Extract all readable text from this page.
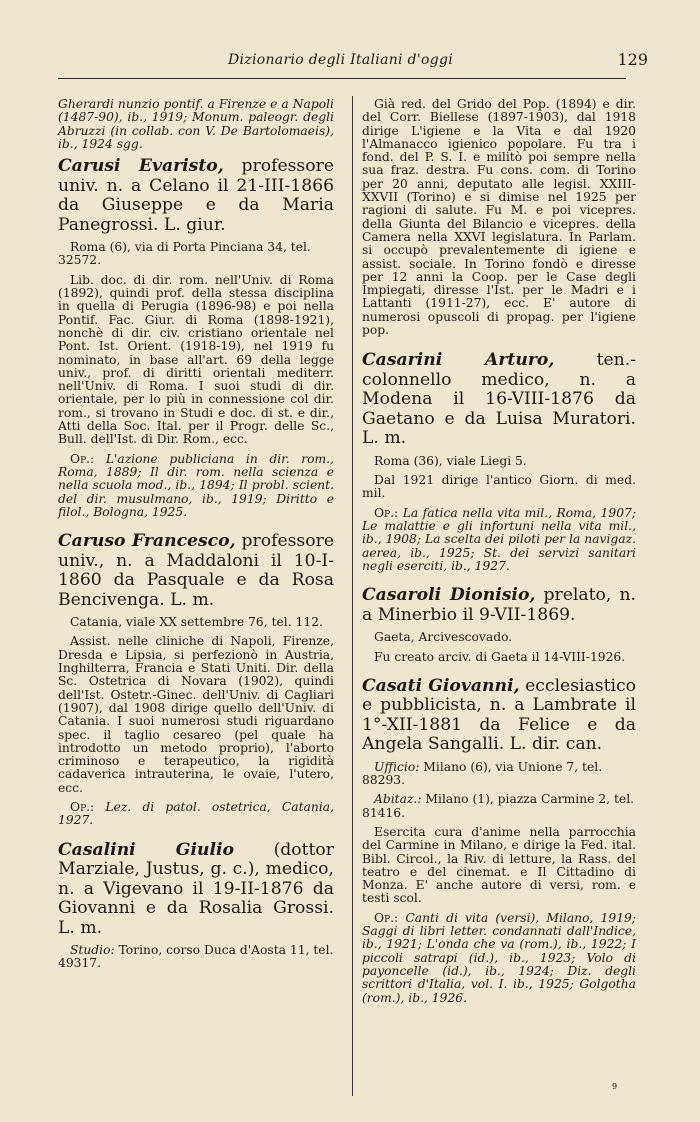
Dizionario degli Italiani d'oggi	129

Gherardi nunzio pontif. a Firenze e a Napoli (1487-90), ib., 1919; Monum. paleogr. degli Abruzzi (in collab. con V. De Bartolomaeis), ib., 1924 sgg.

Carusi Evaristo, professore univ. n. a Celano il 21-III-1866 da Giuseppe e da Maria Panegrossi. L. giur.

Roma (6), via di Porta Pinciana 34, tel. 32572.

Lib. doc. di dir. rom. nell'Univ. di Roma (1892), quindi prof. della stessa disciplina in quella di Perugia (1896-98) e poi nella Pontif. Fac. Giur. di Roma (1898-1921), nonchè di dir. civ. cristiano orientale nel Pont. Ist. Orient. (1918-19), nel 1919 fu nominato, in base all'art. 69 della legge univ., prof. di diritti orientali mediterr. nell'Univ. di Roma. I suoi studi di dir. orientale, per lo più in connessione col dir. rom., si trovano in Studi e doc. di st. e dir., Atti della Soc. Ital. per il Progr. delle Sc., Bull. dell'Ist. di Dir. Rom., ecc.

Op.: L'azione publiciana in dir. rom., Roma, 1889; Il dir. rom. nella scienza e nella scuola mod., ib., 1894; Il probl. scient. del dir. musulmano, ib., 1919; Diritto e filol., Bologna, 1925.

Caruso Francesco, professore univ., n. a Maddaloni il 10-I-1860 da Pasquale e da Rosa Bencivenga. L. m.

Catania, viale XX settembre 76, tel. 112.

Assist. nelle cliniche di Napoli, Firenze, Dresda e Lipsia, si perfezionò in Austria, Inghilterra, Francia e Stati Uniti. Dir. della Sc. Ostetrica di Novara (1902), quindi dell'Ist. Ostetr.-Ginec. dell'Univ. di Cagliari (1907), dal 1908 dirige quello dell'Univ. di Catania. I suoi numerosi studi riguardano spec. il taglio cesareo (pel quale ha introdotto un metodo proprio), l'aborto criminoso e terapeutico, la rigidità cadaverica intrauterina, le ovaie, l'utero, ecc.

Op.: Lez. di patol. ostetrica, Catania, 1927.

Casalini Giulio (dottor Marziale, Justus, g. c.), medico, n. a Vigevano il 19-II-1876 da Giovanni e da Rosalia Grossi. L. m.

Studio: Torino, corso Duca d'Aosta 11, tel. 49317.

Già red. del Grido del Pop. (1894) e dir. del Corr. Biellese (1897-1903), dal 1918 dirige L'igiene e la Vita e dal 1920 l'Almanacco igienico popolare. Fu tra i fond. del P. S. I. e militò poi sempre nella sua fraz. destra. Fu cons. com. di Torino per 20 anni, deputato alle legisl. XXIII-XXVII (Torino) e si dimise nel 1925 per ragioni di salute. Fu M. e poi vicepres. della Giunta del Bilancio e vicepres. della Camera nella XXVI legislatura. In Parlam. si occupò prevalentemente di igiene e assist. sociale. In Torino fondò e diresse per 12 anni la Coop. per le Case degli Impiegati, diresse l'Ist. per le Madri e i Lattanti (1911-27), ecc. E' autore di numerosi opuscoli di propag. per l'igiene pop.

Casarini Arturo, ten.-colonnello medico, n. a Modena il 16-VIII-1876 da Gaetano e da Luisa Muratori. L. m.

Roma (36), viale Liegi 5.

Dal 1921 dirige l'antico Giorn. di med. mil.

Op.: La fatica nella vita mil., Roma, 1907; Le malattie e gli infortuni nella vita mil., ib., 1908; La scelta dei piloti per la navigaz. aerea, ib., 1925; St. dei servizi sanitari negli eserciti, ib., 1927.

Casaroli Dionisio, prelato, n. a Minerbio il 9-VII-1869.

Gaeta, Arcivescovado.

Fu creato arciv. di Gaeta il 14-VIII-1926.

Casati Giovanni, ecclesiastico e pubblicista, n. a Lambrate il 1°-XII-1881 da Felice e da Angela Sangalli. L. dir. can.

Ufficio: Milano (6), via Unione 7, tel. 88293.

Abitaz.: Milano (1), piazza Carmine 2, tel. 81416.

Esercita cura d'anime nella parrocchia del Carmine in Milano, e dirige la Fed. ital. Bibl. Circol., la Riv. di letture, la Rass. del teatro e del cinemat. e Il Cittadino di Monza. E' anche autore di versi, rom. e testi scol.

Op.: Canti di vita (versi), Milano, 1919; Saggi di libri letter. condannati dall'Indice, ib., 1921; L'onda che va (rom.), ib., 1922; I piccoli satrapi (id.), ib., 1923; Volo di payoncelle (id.), ib., 1924; Diz. degli scrittori d'Italia, vol. I. ib., 1925; Golgotha (rom.), ib., 1926.

9
